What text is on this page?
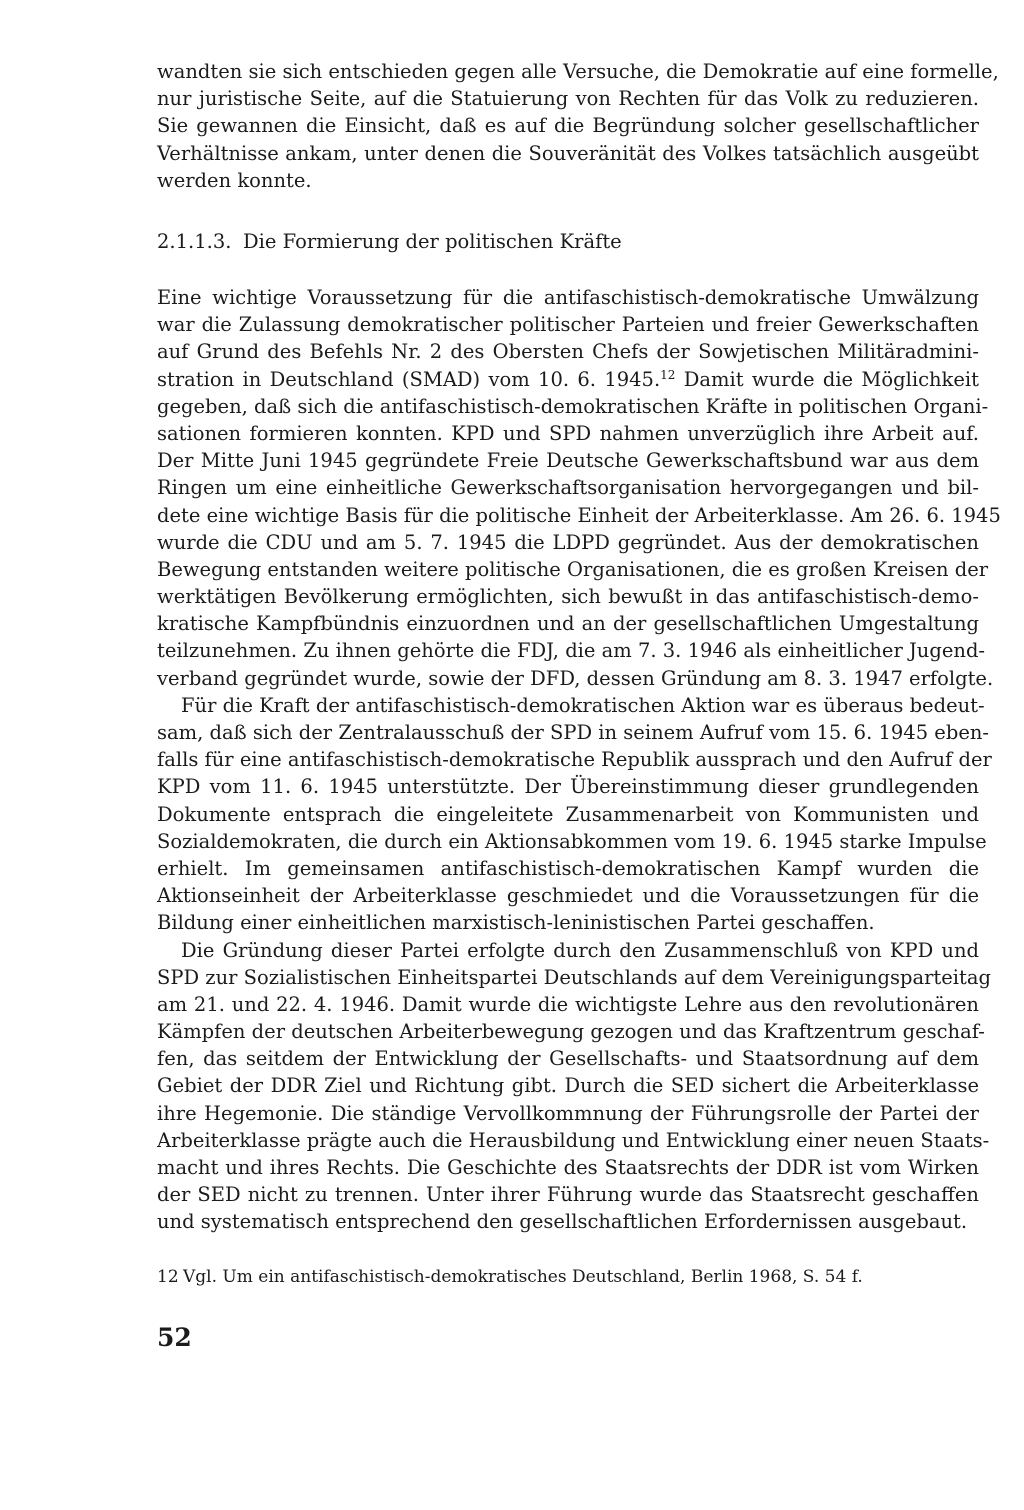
wandten sie sich entschieden gegen alle Versuche, die Demokratie auf eine formelle,
nur juristische Seite, auf die Statuierung von Rechten für das Volk zu reduzieren.
Sie gewannen die Einsicht, daß es auf die Begründung solcher gesellschaftlicher
Verhältnisse ankam, unter denen die Souveränität des Volkes tatsächlich ausgeübt
werden konnte.
2.1.1.3. Die Formierung der politischen Kräfte
Eine wichtige Voraussetzung für die antifaschistisch-demokratische Umwälzung
war die Zulassung demokratischer politischer Parteien und freier Gewerkschaften
auf Grund des Befehls Nr. 2 des Obersten Chefs der Sowjetischen Militäradmini-
stration in Deutschland (SMAD) vom 10. 6. 1945.12 Damit wurde die Möglichkeit
gegeben, daß sich die antifaschistisch-demokratischen Kräfte in politischen Organi-
sationen formieren konnten. KPD und SPD nahmen unverzüglich ihre Arbeit auf.
Der Mitte Juni 1945 gegründete Freie Deutsche Gewerkschaftsbund war aus dem
Ringen um eine einheitliche Gewerkschaftsorganisation hervorgegangen und bil-
dete eine wichtige Basis für die politische Einheit der Arbeiterklasse. Am 26. 6. 1945
wurde die CDU und am 5. 7. 1945 die LDPD gegründet. Aus der demokratischen
Bewegung entstanden weitere politische Organisationen, die es großen Kreisen der
werktätigen Bevölkerung ermöglichten, sich bewußt in das antifaschistisch-demo-
kratische Kampfbündnis einzuordnen und an der gesellschaftlichen Umgestaltung
teilzunehmen. Zu ihnen gehörte die FDJ, die am 7. 3. 1946 als einheitlicher Jugend-
verband gegründet wurde, sowie der DFD, dessen Gründung am 8. 3. 1947 erfolgte.
Für die Kraft der antifaschistisch-demokratischen Aktion war es überaus bedeut-
sam, daß sich der Zentralausschuß der SPD in seinem Aufruf vom 15. 6. 1945 eben-
falls für eine antifaschistisch-demokratische Republik aussprach und den Aufruf der
KPD vom 11. 6. 1945 unterstützte. Der Übereinstimmung dieser grundlegenden
Dokumente entsprach die eingeleitete Zusammenarbeit von Kommunisten und
Sozialdemokraten, die durch ein Aktionsabkommen vom 19. 6. 1945 starke Impulse
erhielt. Im gemeinsamen antifaschistisch-demokratischen Kampf wurden die
Aktionseinheit der Arbeiterklasse geschmiedet und die Voraussetzungen für die
Bildung einer einheitlichen marxistisch-leninistischen Partei geschaffen.
Die Gründung dieser Partei erfolgte durch den Zusammenschluß von KPD und
SPD zur Sozialistischen Einheitspartei Deutschlands auf dem Vereinigungsparteitag
am 21. und 22. 4. 1946. Damit wurde die wichtigste Lehre aus den revolutionären
Kämpfen der deutschen Arbeiterbewegung gezogen und das Kraftzentrum geschaf-
fen, das seitdem der Entwicklung der Gesellschafts- und Staatsordnung auf dem
Gebiet der DDR Ziel und Richtung gibt. Durch die SED sichert die Arbeiterklasse
ihre Hegemonie. Die ständige Vervollkommnung der Führungsrolle der Partei der
Arbeiterklasse prägte auch die Herausbildung und Entwicklung einer neuen Staats-
macht und ihres Rechts. Die Geschichte des Staatsrechts der DDR ist vom Wirken
der SED nicht zu trennen. Unter ihrer Führung wurde das Staatsrecht geschaffen
und systematisch entsprechend den gesellschaftlichen Erfordernissen ausgebaut.
12 Vgl. Um ein antifaschistisch-demokratisches Deutschland, Berlin 1968, S. 54 f.
52
